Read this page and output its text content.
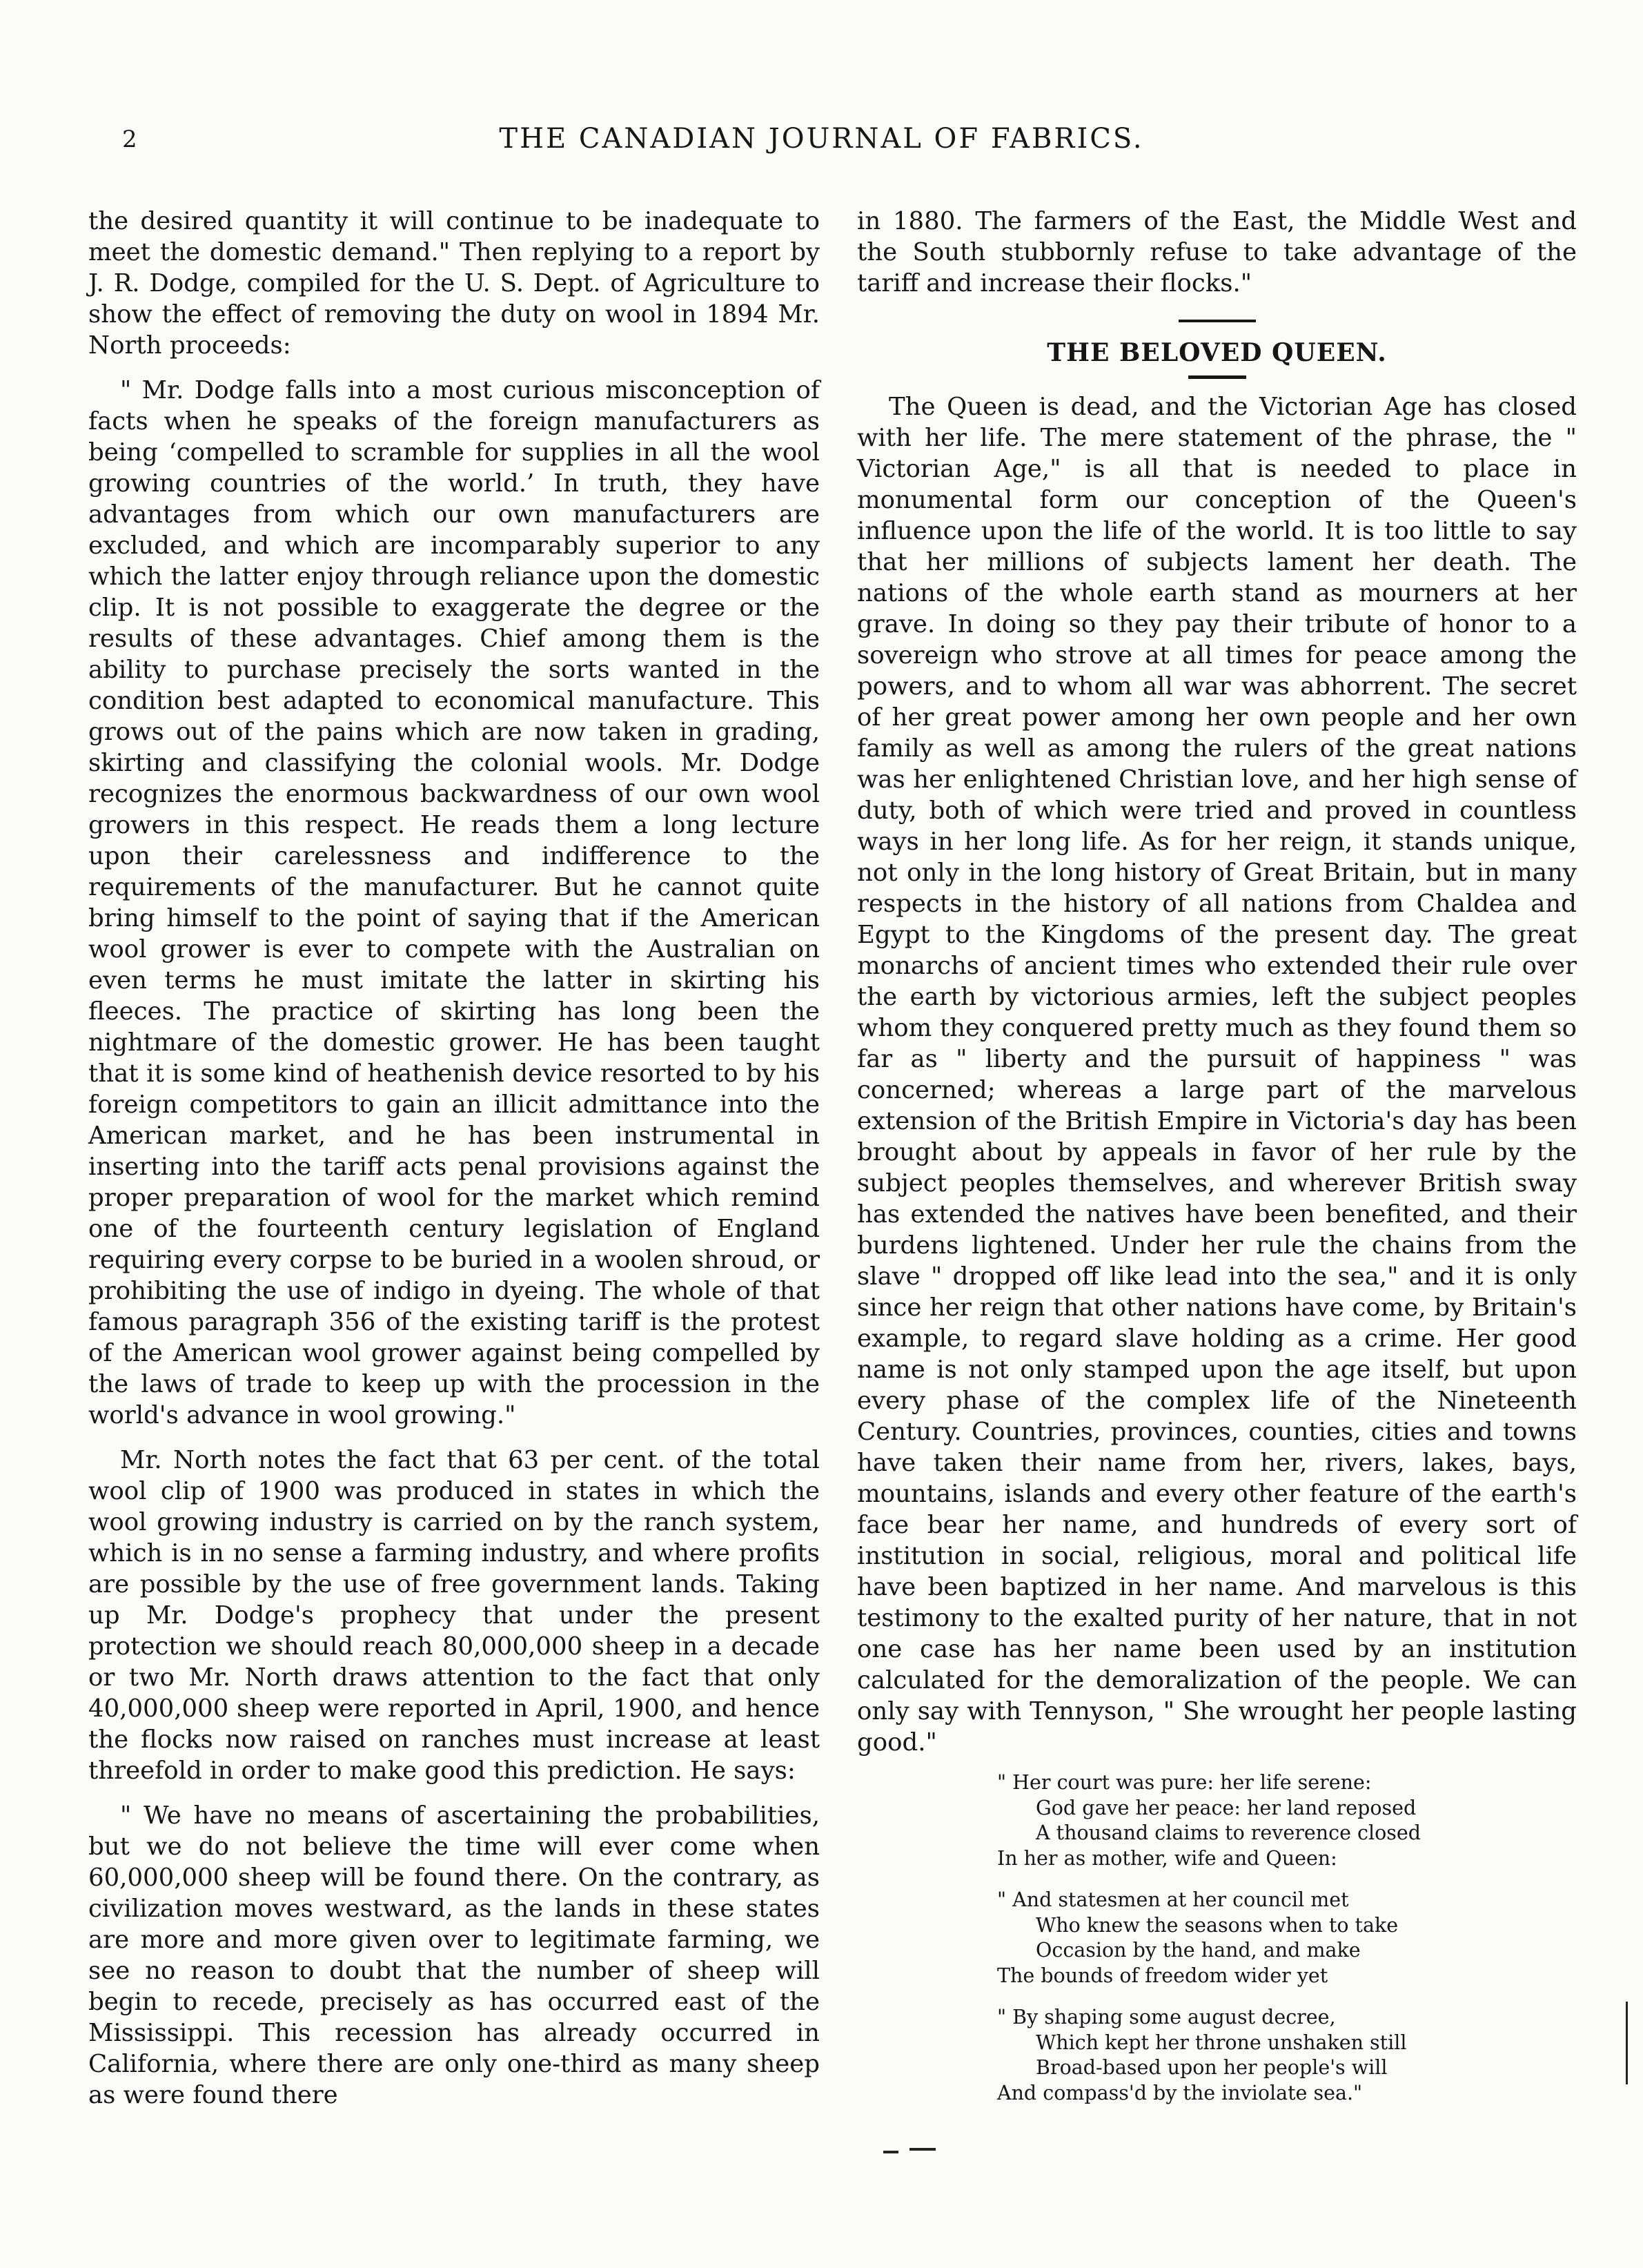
2	THE CANADIAN JOURNAL OF FABRICS.

the desired quantity it will continue to be inadequate to meet the domestic demand." Then replying to a report by J. R. Dodge, compiled for the U. S. Dept. of Agriculture to show the effect of removing the duty on wool in 1894 Mr. North proceeds:

" Mr. Dodge falls into a most curious misconception of facts when he speaks of the foreign manufacturers as being ‘compelled to scramble for supplies in all the wool growing countries of the world.’ In truth, they have advantages from which our own manufacturers are excluded, and which are incomparably superior to any which the latter enjoy through reliance upon the domestic clip. It is not possible to exaggerate the degree or the results of these advantages. Chief among them is the ability to purchase precisely the sorts wanted in the condition best adapted to economical manufacture. This grows out of the pains which are now taken in grading, skirting and classifying the colonial wools. Mr. Dodge recognizes the enormous backwardness of our own wool growers in this respect. He reads them a long lecture upon their carelessness and indifference to the requirements of the manufacturer. But he cannot quite bring himself to the point of saying that if the American wool grower is ever to compete with the Australian on even terms he must imitate the latter in skirting his fleeces. The practice of skirting has long been the nightmare of the domestic grower. He has been taught that it is some kind of heathenish device resorted to by his foreign competitors to gain an illicit admittance into the American market, and he has been instrumental in inserting into the tariff acts penal provisions against the proper preparation of wool for the market which remind one of the fourteenth century legislation of England requiring every corpse to be buried in a woolen shroud, or prohibiting the use of indigo in dyeing. The whole of that famous paragraph 356 of the existing tariff is the protest of the American wool grower against being compelled by the laws of trade to keep up with the procession in the world's advance in wool growing."

Mr. North notes the fact that 63 per cent. of the total wool clip of 1900 was produced in states in which the wool growing industry is carried on by the ranch system, which is in no sense a farming industry, and where profits are possible by the use of free government lands. Taking up Mr. Dodge's prophecy that under the present protection we should reach 80,000,000 sheep in a decade or two Mr. North draws attention to the fact that only 40,000,000 sheep were reported in April, 1900, and hence the flocks now raised on ranches must increase at least threefold in order to make good this prediction. He says:

" We have no means of ascertaining the probabilities, but we do not believe the time will ever come when 60,000,000 sheep will be found there. On the contrary, as civilization moves westward, as the lands in these states are more and more given over to legitimate farming, we see no reason to doubt that the number of sheep will begin to recede, precisely as has occurred east of the Mississippi. This recession has already occurred in California, where there are only one-third as many sheep as were found there

in 1880. The farmers of the East, the Middle West and the South stubbornly refuse to take advantage of the tariff and increase their flocks."

THE BELOVED QUEEN.

The Queen is dead, and the Victorian Age has closed with her life. The mere statement of the phrase, the " Victorian Age," is all that is needed to place in monumental form our conception of the Queen's influence upon the life of the world. It is too little to say that her millions of subjects lament her death. The nations of the whole earth stand as mourners at her grave. In doing so they pay their tribute of honor to a sovereign who strove at all times for peace among the powers, and to whom all war was abhorrent. The secret of her great power among her own people and her own family as well as among the rulers of the great nations was her enlightened Christian love, and her high sense of duty, both of which were tried and proved in countless ways in her long life. As for her reign, it stands unique, not only in the long history of Great Britain, but in many respects in the history of all nations from Chaldea and Egypt to the Kingdoms of the present day. The great monarchs of ancient times who extended their rule over the earth by victorious armies, left the subject peoples whom they conquered pretty much as they found them so far as " liberty and the pursuit of happiness " was concerned; whereas a large part of the marvelous extension of the British Empire in Victoria's day has been brought about by appeals in favor of her rule by the subject peoples themselves, and wherever British sway has extended the natives have been benefited, and their burdens lightened. Under her rule the chains from the slave " dropped off like lead into the sea," and it is only since her reign that other nations have come, by Britain's example, to regard slave holding as a crime. Her good name is not only stamped upon the age itself, but upon every phase of the complex life of the Nineteenth Century. Countries, provinces, counties, cities and towns have taken their name from her, rivers, lakes, bays, mountains, islands and every other feature of the earth's face bear her name, and hundreds of every sort of institution in social, religious, moral and political life have been baptized in her name. And marvelous is this testimony to the exalted purity of her nature, that in not one case has her name been used by an institution calculated for the demoralization of the people. We can only say with Tennyson, " She wrought her people lasting good."

" Her court was pure: her life serene:
God gave her peace: her land reposed
A thousand claims to reverence closed
In her as mother, wife and Queen:
" And statesmen at her council met
Who knew the seasons when to take
Occasion by the hand, and make
The bounds of freedom wider yet
" By shaping some august decree,
Which kept her throne unshaken still
Broad-based upon her people's will
And compass'd by the inviolate sea."
